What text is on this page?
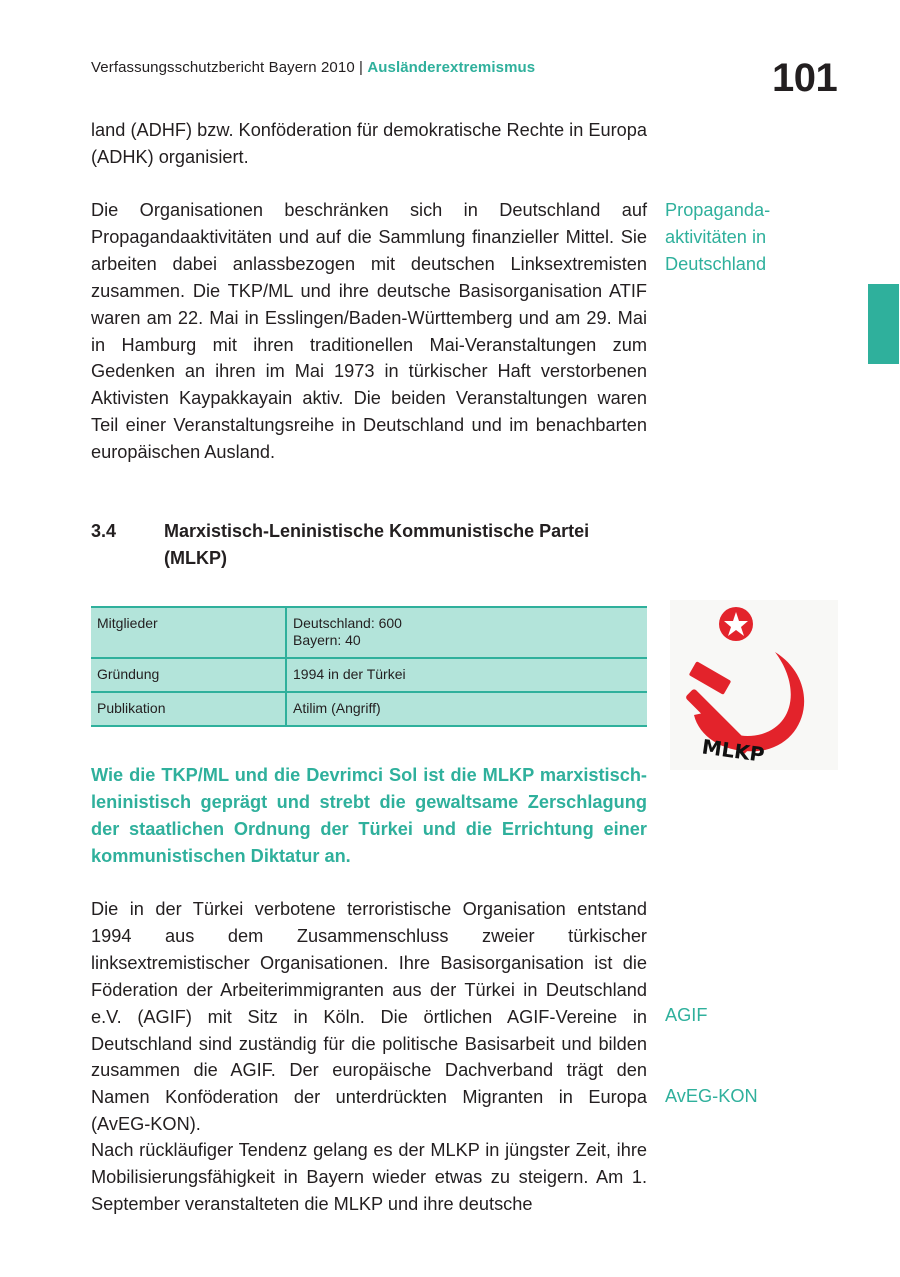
Verfassungsschutzbericht Bayern 2010 | Ausländerextremismus	101

land (ADHF) bzw. Konföderation für demokratische Rechte in Europa (ADHK) organisiert.

Die Organisationen beschränken sich in Deutschland auf Propagandaaktivitäten und auf die Sammlung finanzieller Mittel. Sie arbeiten dabei anlassbezogen mit deutschen Linksextremisten zusammen. Die TKP/ML und ihre deutsche Basisorganisation ATIF waren am 22. Mai in Esslingen/Baden-Württemberg und am 29. Mai in Hamburg mit ihren traditionellen Mai-Veranstaltungen zum Gedenken an ihren im Mai 1973 in türkischer Haft verstorbenen Aktivisten Kaypakkayain aktiv. Die beiden Veranstaltungen waren Teil einer Veranstaltungsreihe in Deutschland und im benachbarten europäischen Ausland.

Propaganda-aktivitäten in Deutschland

3.4	Marxistisch-Leninistische Kommunistische Partei (MLKP)
Mitglieder	Deutschland: 600
Bayern: 40

Gründung	1994 in der Türkei
Publikation	Atilim (Angriff)
MLKP

Wie die TKP/ML und die Devrimci Sol ist die MLKP marxistisch-leninistisch geprägt und strebt die gewaltsame Zerschlagung der staatlichen Ordnung der Türkei und die Errichtung einer kommunistischen Diktatur an.

Die in der Türkei verbotene terroristische Organisation entstand 1994 aus dem Zusammenschluss zweier türkischer linksextremistischer Organisationen. Ihre Basisorganisation ist die Föderation der Arbeiterimmigranten aus der Türkei in Deutschland e.V. (AGIF) mit Sitz in Köln. Die örtlichen AGIF-Vereine in Deutschland sind zuständig für die politische Basisarbeit und bilden zusammen die AGIF. Der europäische Dachverband trägt den Namen Konföderation der unterdrückten Migranten in Europa (AvEG-KON).

AGIF

AvEG-KON

Nach rückläufiger Tendenz gelang es der MLKP in jüngster Zeit, ihre Mobilisierungsfähigkeit in Bayern wieder etwas zu steigern. Am 1. September veranstalteten die MLKP und ihre deutsche
